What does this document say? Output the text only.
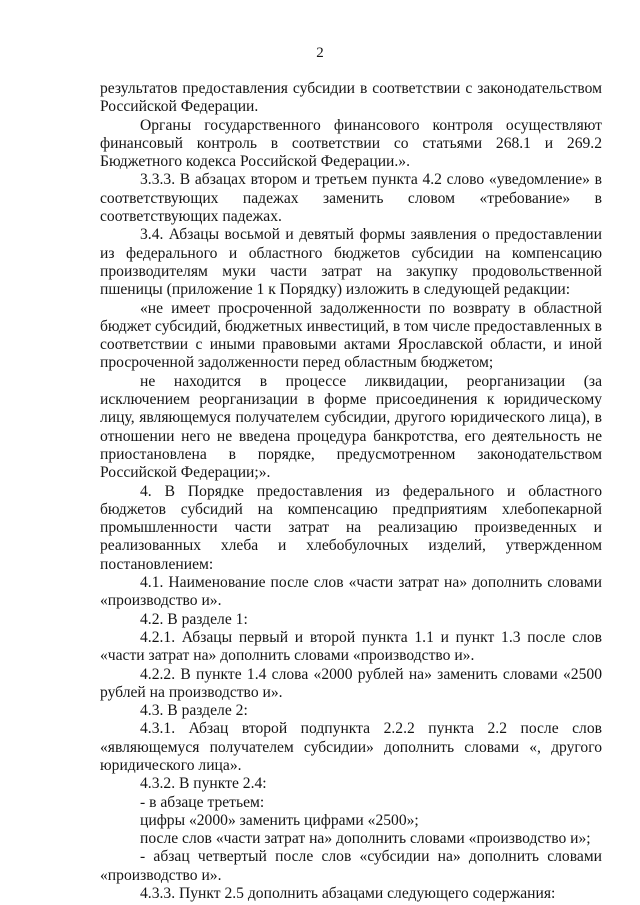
2

результатов предоставления субсидии в соответствии с законодательством Российской Федерации.

Органы государственного финансового контроля осуществляют финансовый контроль в соответствии со статьями 268.1 и 269.2 Бюджетного кодекса Российской Федерации.».

3.3.3. В абзацах втором и третьем пункта 4.2 слово «уведомление» в соответствующих падежах заменить словом «требование» в соответствующих падежах.

3.4. Абзацы восьмой и девятый формы заявления о предоставлении из федерального и областного бюджетов субсидии на компенсацию производителям муки части затрат на закупку продовольственной пшеницы (приложение 1 к Порядку) изложить в следующей редакции:

«не имеет просроченной задолженности по возврату в областной бюджет субсидий, бюджетных инвестиций, в том числе предоставленных в соответствии с иными правовыми актами Ярославской области, и иной просроченной задолженности перед областным бюджетом;

не находится в процессе ликвидации, реорганизации (за исключением реорганизации в форме присоединения к юридическому лицу, являющемуся получателем субсидии, другого юридического лица), в отношении него не введена процедура банкротства, его деятельность не приостановлена в порядке, предусмотренном законодательством Российской Федерации;».

4. В Порядке предоставления из федерального и областного бюджетов субсидий на компенсацию предприятиям хлебопекарной промышленности части затрат на реализацию произведенных и реализованных хлеба и хлебобулочных изделий, утвержденном постановлением:

4.1. Наименование после слов «части затрат на» дополнить словами «производство и».

4.2. В разделе 1:

4.2.1. Абзацы первый и второй пункта 1.1 и пункт 1.3 после слов «части затрат на» дополнить словами «производство и».

4.2.2. В пункте 1.4 слова «2000 рублей на» заменить словами «2500 рублей на производство и».

4.3. В разделе 2:

4.3.1. Абзац второй подпункта 2.2.2 пункта 2.2 после слов «являющемуся получателем субсидии» дополнить словами «, другого юридического лица».

4.3.2. В пункте 2.4:

- в абзаце третьем:

цифры «2000» заменить цифрами «2500»;

после слов «части затрат на» дополнить словами «производство и»;

- абзац четвертый после слов «субсидии на» дополнить словами «производство и».

4.3.3. Пункт 2.5 дополнить абзацами следующего содержания:
